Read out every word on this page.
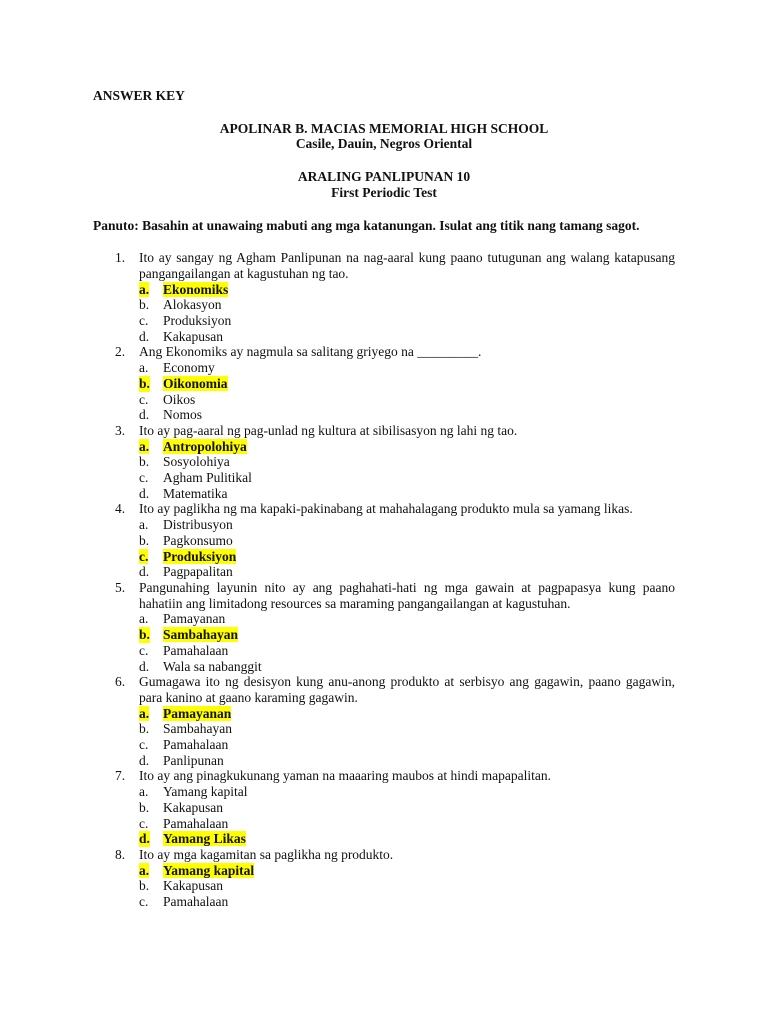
ANSWER KEY
APOLINAR B. MACIAS MEMORIAL HIGH SCHOOL
Casile, Dauin, Negros Oriental
ARALING PANLIPUNAN 10
First Periodic Test
Panuto: Basahin at unawaing mabuti ang mga katanungan. Isulat ang titik nang tamang sagot.
1. Ito ay sangay ng Agham Panlipunan na nag-aaral kung paano tutugunan ang walang katapusang pangangailangan at kagustuhan ng tao.
a. Ekonomiks
b. Alokasyon
c. Produksiyon
d. Kakapusan
2. Ang Ekonomiks ay nagmula sa salitang griyego na _________.
a. Economy
b. Oikonomia
c. Oikos
d. Nomos
3. Ito ay pag-aaral ng pag-unlad ng kultura at sibilisasyon ng lahi ng tao.
a. Antropolohiya
b. Sosyolohiya
c. Agham Pulitikal
d. Matematika
4. Ito ay paglikha ng ma kapaki-pakinabang at mahahalagang produkto mula sa yamang likas.
a. Distribusyon
b. Pagkonsumo
c. Produksiyon
d. Pagpapalitan
5. Pangunahing layunin nito ay ang paghahati-hati ng mga gawain at pagpapasya kung paano hahatiin ang limitadong resources sa maraming pangangailangan at kagustuhan.
a. Pamayanan
b. Sambahayan
c. Pamahalaan
d. Wala sa nabanggit
6. Gumagawa ito ng desisyon kung anu-anong produkto at serbisyo ang gagawin, paano gagawin, para kanino at gaano karaming gagawin.
a. Pamayanan
b. Sambahayan
c. Pamahalaan
d. Panlipunan
7. Ito ay ang pinagkukunang yaman na maaaring maubos at hindi mapapalitan.
a. Yamang kapital
b. Kakapusan
c. Pamahalaan
d. Yamang Likas
8. Ito ay mga kagamitan sa paglikha ng produkto.
a. Yamang kapital
b. Kakapusan
c. Pamahalaan
